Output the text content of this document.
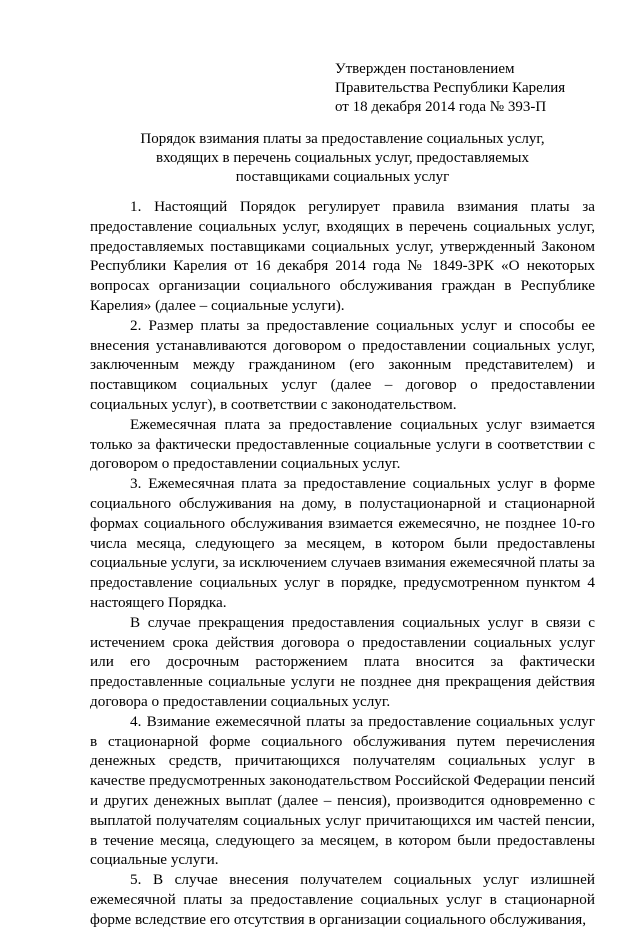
Утвержден постановлением
Правительства Республики Карелия
от 18 декабря 2014 года № 393-П
Порядок взимания платы за предоставление социальных услуг,
входящих в перечень социальных услуг, предоставляемых
поставщиками социальных услуг

1. Настоящий Порядок регулирует правила взимания платы за предоставление социальных услуг, входящих в перечень социальных услуг, предоставляемых поставщиками социальных услуг, утвержденный Законом Республики Карелия от 16 декабря 2014 года № 1849-ЗРК «О некоторых вопросах организации социального обслуживания граждан в Республике Карелия» (далее – социальные услуги).

2. Размер платы за предоставление социальных услуг и способы ее внесения устанавливаются договором о предоставлении социальных услуг, заключенным между гражданином (его законным представителем) и поставщиком социальных услуг (далее – договор о предоставлении социальных услуг), в соответствии с законодательством.

Ежемесячная плата за предоставление социальных услуг взимается только за фактически предоставленные социальные услуги в соответствии с договором о предоставлении социальных услуг.

3. Ежемесячная плата за предоставление социальных услуг в форме социального обслуживания на дому, в полустационарной и стационарной формах социального обслуживания взимается ежемесячно, не позднее 10-го числа месяца, следующего за месяцем, в котором были предоставлены социальные услуги, за исключением случаев взимания ежемесячной платы за предоставление социальных услуг в порядке, предусмотренном пунктом 4 настоящего Порядка.

В случае прекращения предоставления социальных услуг в связи с истечением срока действия договора о предоставлении социальных услуг или его досрочным расторжением плата вносится за фактически предоставленные социальные услуги не позднее дня прекращения действия договора о предоставлении социальных услуг.

4. Взимание ежемесячной платы за предоставление социальных услуг в стационарной форме социального обслуживания путем перечисления денежных средств, причитающихся получателям социальных услуг в качестве предусмотренных законодательством Российской Федерации пенсий и других денежных выплат (далее – пенсия), производится одновременно с выплатой получателям социальных услуг причитающихся им частей пенсии, в течение месяца, следующего за месяцем, в котором были предоставлены социальные услуги.

5. В случае внесения получателем социальных услуг излишней ежемесячной платы за предоставление социальных услуг в стационарной форме вследствие его отсутствия в организации социального обслуживания,
